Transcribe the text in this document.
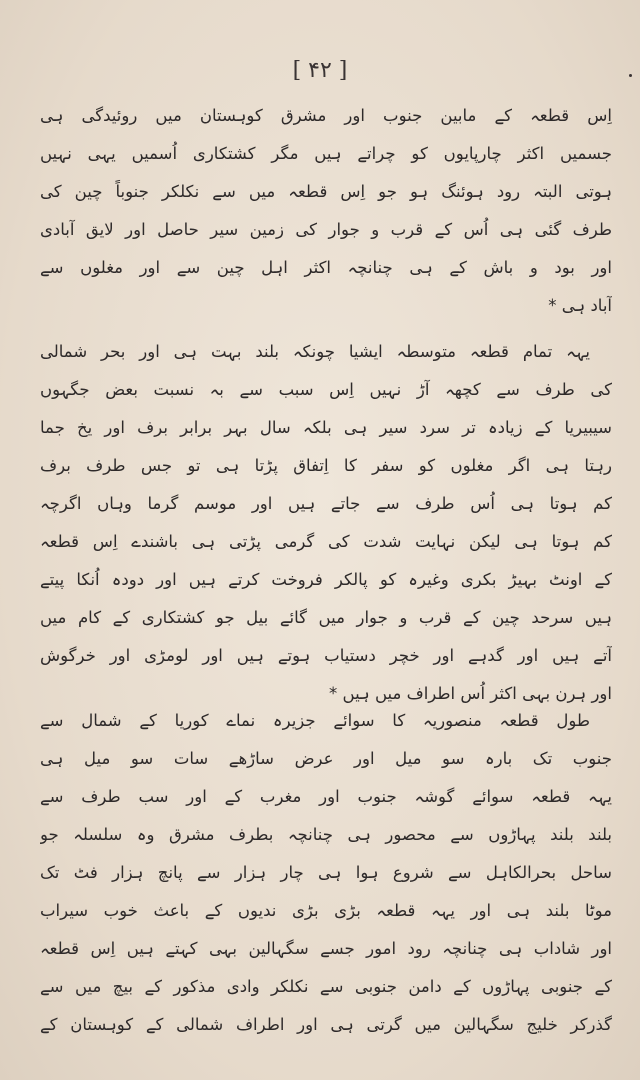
[ ۴۲ ]
اِس قطعہ کے مابین جنوب اور مشرق کوہستان میں روئیدگی ہی
جسمیں اکثر چارپایوں کو چراتے ہیں مگر کشتکاری اُسمیں یہی نہیں
ہوتی البتہ رود ہوئنگ ہو جو اِس قطعہ میں سے نکلکر جنوباً چین کی
طرف گئی ہی اُس کے قرب و جوار کی زمین سیر حاصل اور لایق آبادی
اور بود و باش کے ہی چنانچہ اکثر اہل چین سے اور مغلوں سے
آباد ہی *
یہہ تمام قطعہ متوسطہ ایشیا چونکہ بلند بہت ہی اور بحر شمالی
کی طرف سے کچھہ آڑ نہیں اِس سبب سے بہ نسبت بعض جگہوں
سیبیریا کے زیادہ تر سرد سیر ہی بلکہ سال بہر برابر برف اور یخ جما
رہتا ہی اگر مغلوں کو سفر کا اِتفاق پڑتا ہی تو جس طرف برف
کم ہوتا ہی اُس طرف سے جاتے ہیں اور موسم گرما وہاں اگرچہ
کم ہوتا ہی لیکن نہایت شدت کی گرمی پڑتی ہی باشندے اِس قطعہ
کے اونٹ بہیڑ بکری وغیرہ کو پالکر فروخت کرتے ہیں اور دودہ اُنکا پیتے
ہیں سرحد چین کے قرب و جوار میں گائے بیل جو کشتکاری کے کام میں
آتے ہیں اور گدہے اور خچر دستیاب ہوتے ہیں اور لومڑی اور خرگوش
اور ہرن بہی اکثر اُس اطراف میں ہیں *
طول قطعہ منصوریہ کا سوائے جزیرہ نماے کوریا کے شمال سے
جنوب تک بارہ سو میل اور عرض ساڑھے سات سو میل ہی
یہہ قطعہ سوائے گوشہ جنوب اور مغرب کے اور سب طرف سے
بلند بلند پہاڑوں سے محصور ہی چنانچہ بطرف مشرق وہ سلسلہ جو
ساحل بحرالکاہل سے شروع ہوا ہی چار ہزار سے پانچ ہزار فٹ تک
موٹا بلند ہی اور یہہ قطعہ بڑی بڑی ندیوں کے باعث خوب سیراب
اور شاداب ہی چنانچہ رود امور جسے سگہالین بہی کہتے ہیں اِس قطعہ
کے جنوبی پہاڑوں کے دامن جنوبی سے نکلکر وادی مذکور کے بیچ میں سے
گذرکر خلیج سگہالین میں گرتی ہی اور اطراف شمالی کے کوہستان کے
